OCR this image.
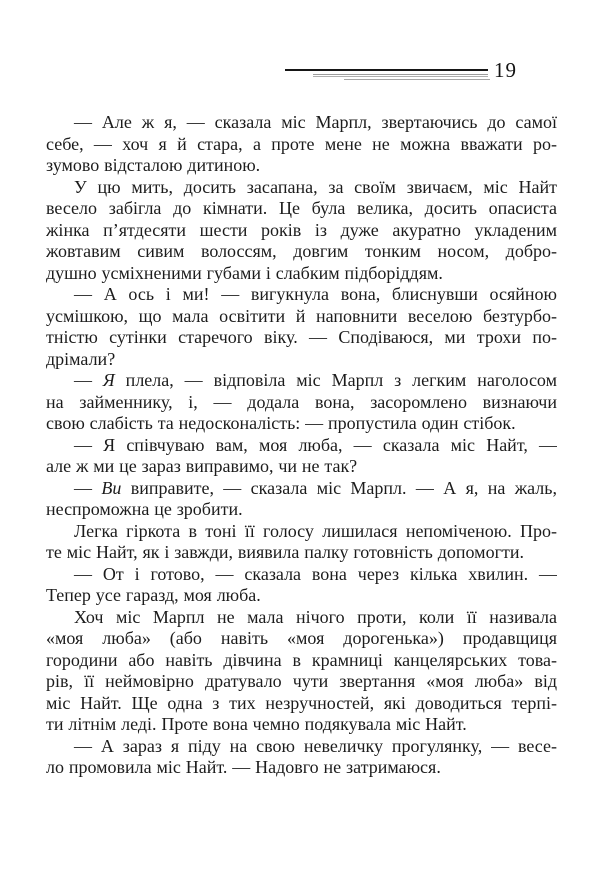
19
— Але ж я, — сказала міс Марпл, звертаючись до самої
себе, — хоч я й стара, а проте мене не можна вважати ро-
зумово відсталою дитиною.
У цю мить, досить засапана, за своїм звичаєм, міс Найт
весело забігла до кімнати. Це була велика, досить опасиста
жінка п’ятдесяти шести років із дуже акуратно укладеним
жовтавим сивим волоссям, довгим тонким носом, добро-
душно усміхненими губами і слабким підборіддям.
— А ось і ми! — вигукнула вона, блиснувши осяйною
усмішкою, що мала освітити й наповнити веселою безтурбо-
тністю сутінки старечого віку. — Сподіваюся, ми трохи по-
дрімали?
— Я плела, — відповіла міс Марпл з легким наголосом
на займеннику, і, — додала вона, засоромлено визнаючи
свою слабість та недосконалість: — пропустила один стібок.
— Я співчуваю вам, моя люба, — сказала міс Найт, —
але ж ми це зараз виправимо, чи не так?
— Ви виправите, — сказала міс Марпл. — А я, на жаль,
неспроможна це зробити.
Легка гіркота в тоні її голосу лишилася непоміченою. Про-
те міс Найт, як і завжди, виявила палку готовність допомогти.
— От і готово, — сказала вона через кілька хвилин. —
Тепер усе гаразд, моя люба.
Хоч міс Марпл не мала нічого проти, коли її називала
«моя люба» (або навіть «моя дорогенька») продавщиця
городини або навіть дівчина в крамниці канцелярських това-
рів, її неймовірно дратувало чути звертання «моя люба» від
міс Найт. Ще одна з тих незручностей, які доводиться терпі-
ти літнім леді. Проте вона чемно подякувала міс Найт.
— А зараз я піду на свою невеличку прогулянку, — весе-
ло промовила міс Найт. — Надовго не затримаюся.
